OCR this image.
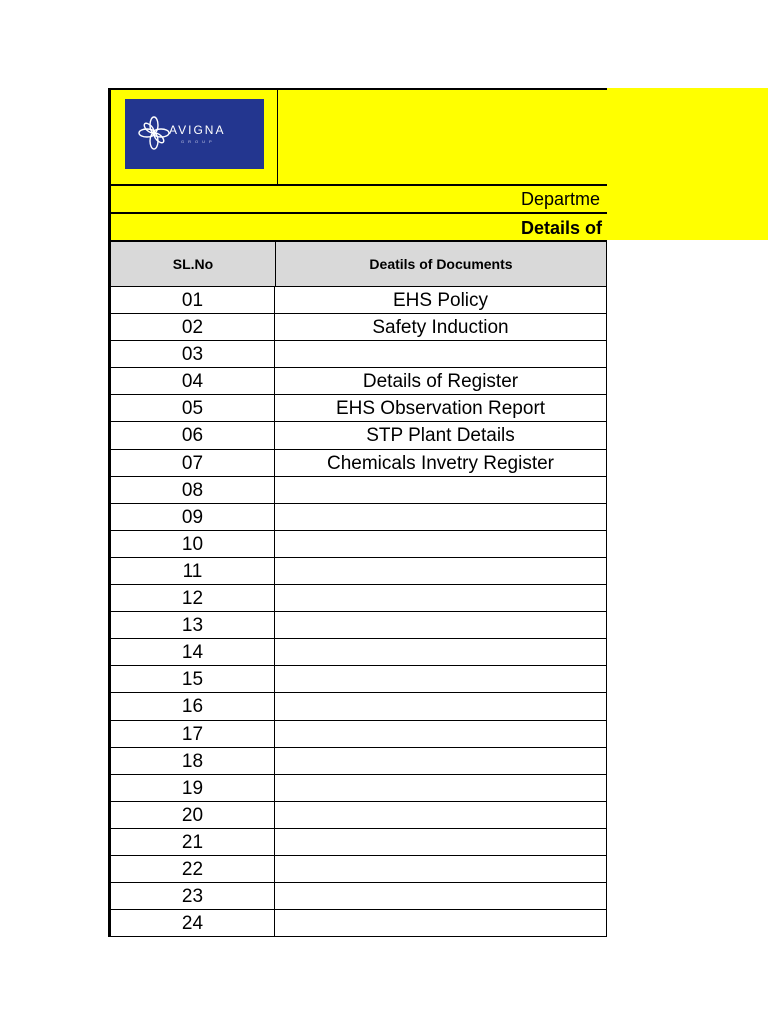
AVIGNA
GROUP
Departme
Details of
SL.No	Deatils of Documents
01	EHS Policy
02	Safety Induction
03
04	Details of Register
05	EHS Observation Report
06	STP Plant Details
07	Chemicals Invetry Register
08
09
10
11
12
13
14
15
16
17
18
19
20
21
22
23
24
